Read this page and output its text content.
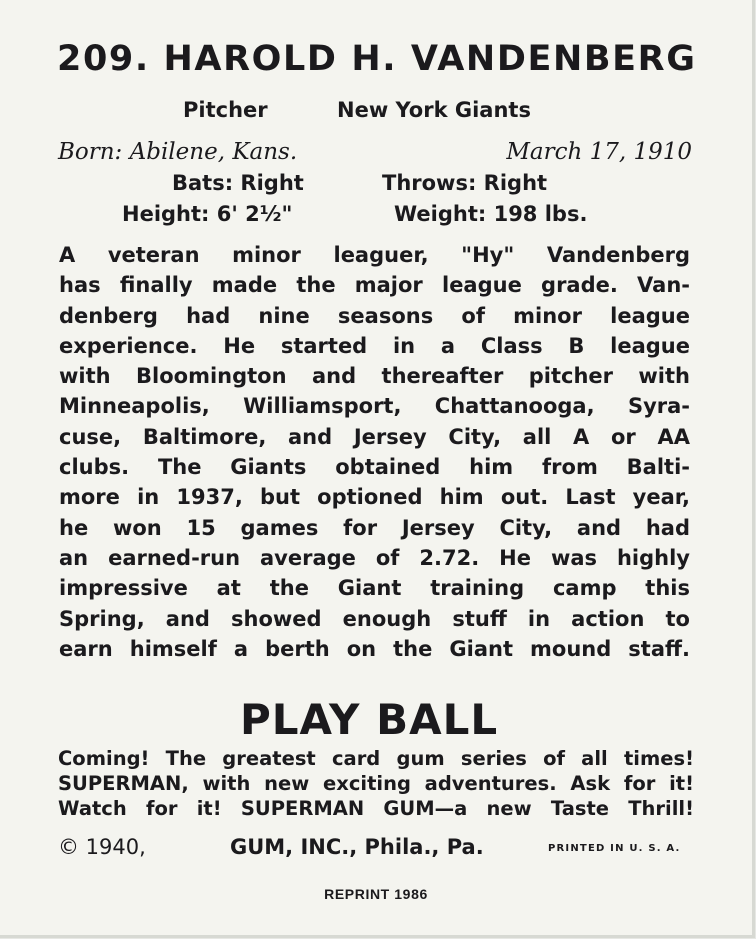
209. HAROLD H. VANDENBERG
Pitcher	New York Giants
Born: Abilene, Kans.	March 17, 1910
Bats: Right	Throws: Right
Height: 6' 2½"	Weight: 198 lbs.

A veteran minor leaguer, "Hy" Vandenberg
has finally made the major league grade. Van-
denberg had nine seasons of minor league
experience. He started in a Class B league
with Bloomington and thereafter pitcher with
Minneapolis, Williamsport, Chattanooga, Syra-
cuse, Baltimore, and Jersey City, all A or AA
clubs. The Giants obtained him from Balti-
more in 1937, but optioned him out. Last year,
he won 15 games for Jersey City, and had
an earned-run average of 2.72. He was highly
impressive at the Giant training camp this
Spring, and showed enough stuff in action to
earn himself a berth on the Giant mound staff.

PLAY BALL

Coming! The greatest card gum series of all times!
SUPERMAN, with new exciting adventures. Ask for it!
Watch for it! SUPERMAN GUM—a new Taste Thrill!

© 1940,	GUM, INC., Phila., Pa.	PRINTED IN U. S. A.
REPRINT 1986
